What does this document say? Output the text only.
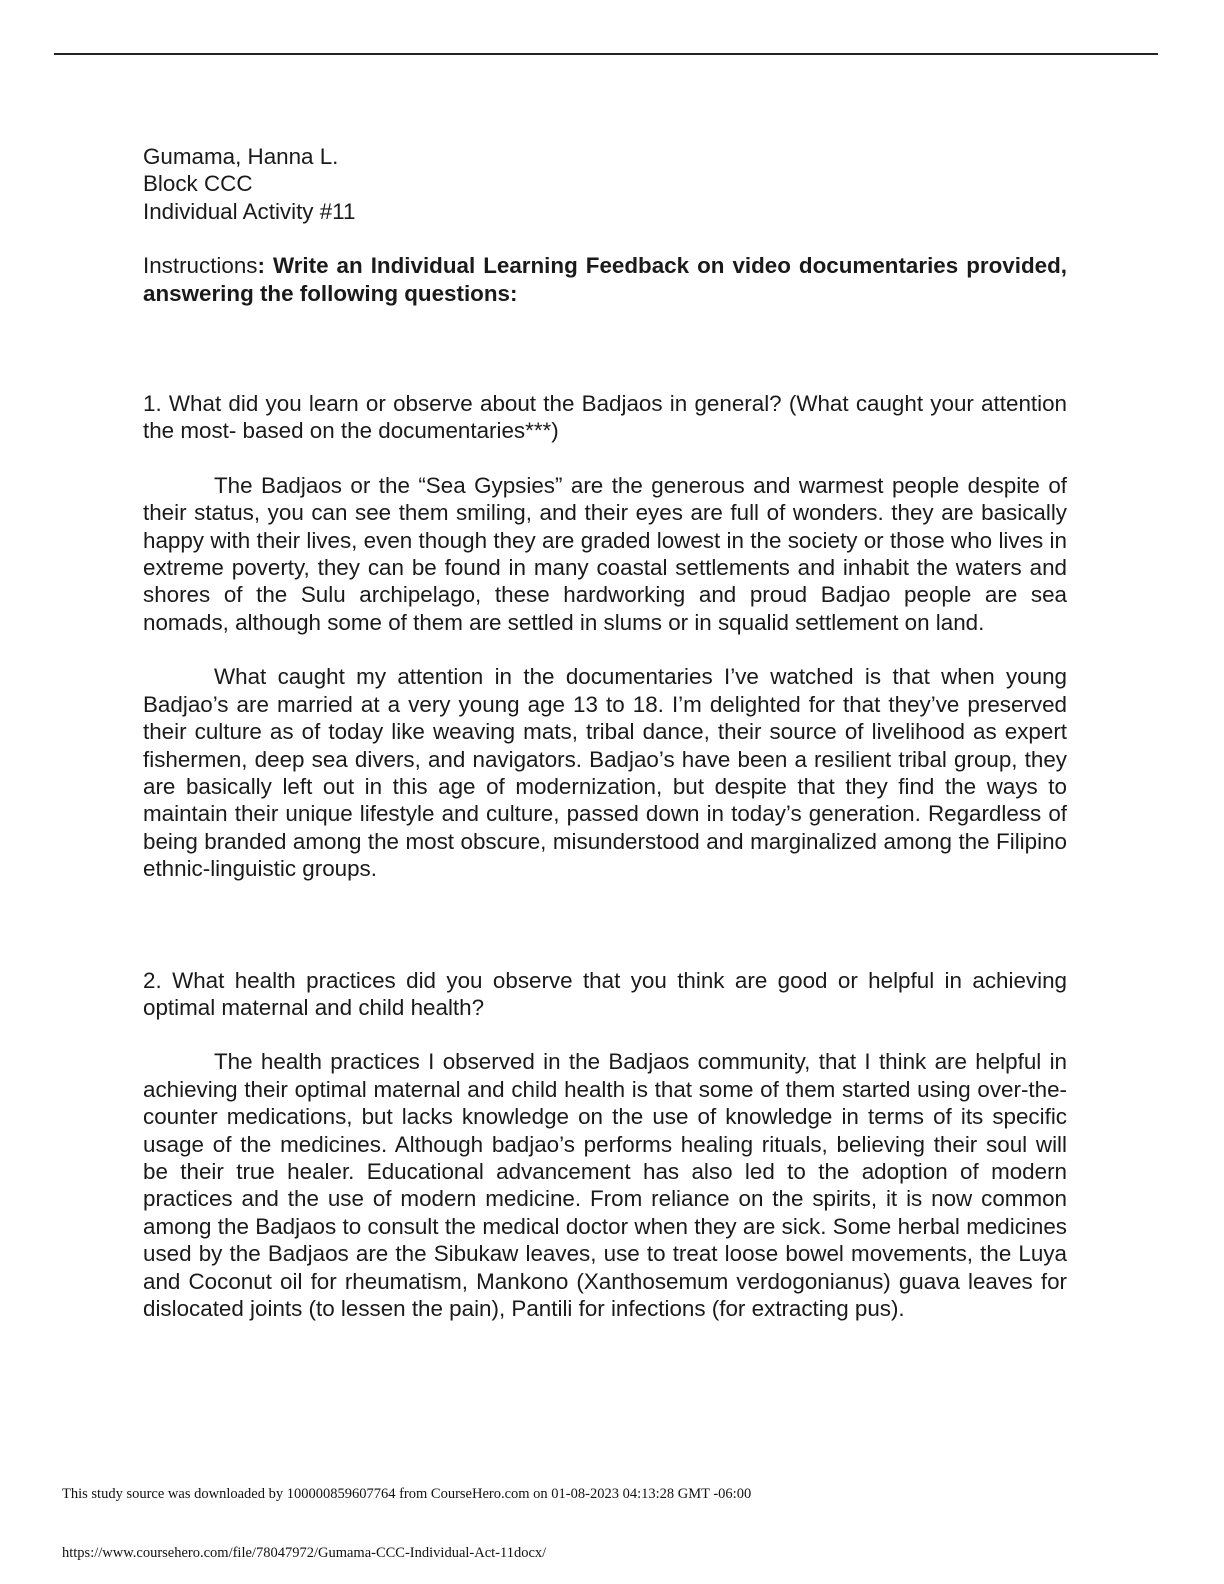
Gumama, Hanna L.
Block CCC
Individual Activity #11

Instructions: Write an Individual Learning Feedback on video documentaries provided, answering the following questions:

1. What did you learn or observe about the Badjaos in general? (What caught your attention the most- based on the documentaries***)

The Badjaos or the “Sea Gypsies” are the generous and warmest people despite of their status, you can see them smiling, and their eyes are full of wonders. they are basically happy with their lives, even though they are graded lowest in the society or those who lives in extreme poverty, they can be found in many coastal settlements and inhabit the waters and shores of the Sulu archipelago, these hardworking and proud Badjao people are sea nomads, although some of them are settled in slums or in squalid settlement on land.

What caught my attention in the documentaries I’ve watched is that when young Badjao’s are married at a very young age 13 to 18. I’m delighted for that they’ve preserved their culture as of today like weaving mats, tribal dance, their source of livelihood as expert fishermen, deep sea divers, and navigators. Badjao’s have been a resilient tribal group, they are basically left out in this age of modernization, but despite that they find the ways to maintain their unique lifestyle and culture, passed down in today’s generation. Regardless of being branded among the most obscure, misunderstood and marginalized among the Filipino ethnic-linguistic groups.

2. What health practices did you observe that you think are good or helpful in achieving optimal maternal and child health?

The health practices I observed in the Badjaos community, that I think are helpful in achieving their optimal maternal and child health is that some of them started using over-the-counter medications, but lacks knowledge on the use of knowledge in terms of its specific usage of the medicines. Although badjao’s performs healing rituals, believing their soul will be their true healer. Educational advancement has also led to the adoption of modern practices and the use of modern medicine. From reliance on the spirits, it is now common among the Badjaos to consult the medical doctor when they are sick. Some herbal medicines used by the Badjaos are the Sibukaw leaves, use to treat loose bowel movements, the Luya and Coconut oil for rheumatism, Mankono (Xanthosemum verdogonianus) guava leaves for dislocated joints (to lessen the pain), Pantili for infections (for extracting pus).

This study source was downloaded by 100000859607764 from CourseHero.com on 01-08-2023 04:13:28 GMT -06:00
https://www.coursehero.com/file/78047972/Gumama-CCC-Individual-Act-11docx/
